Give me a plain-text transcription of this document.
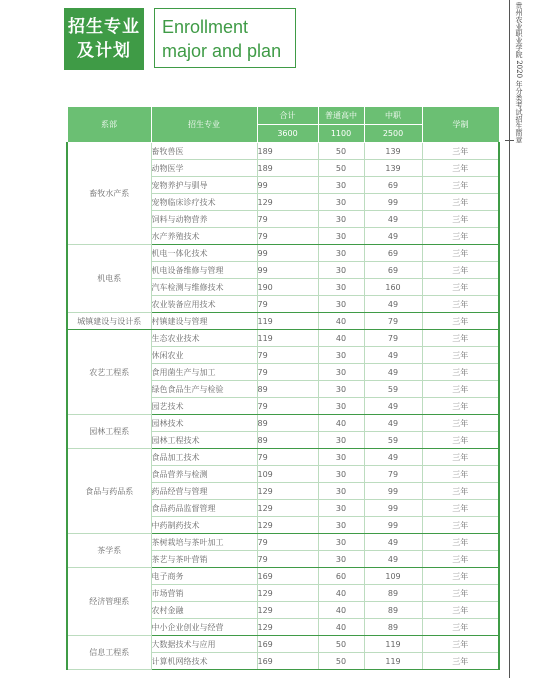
招生专业
及计划
Enrollment
major and plan	贵州农业职业学院 2020 年分类考试招生简章
系部	招生专业	合计	普通高中	中职	学制
		3600	1100	2500	
畜牧水产系	畜牧兽医	189	50	139	三年
	动物医学	189	50	139	三年
	宠物养护与驯导	99	30	69	三年
	宠物临床诊疗技术	129	30	99	三年
	饲料与动物营养	79	30	49	三年
	水产养殖技术	79	30	49	三年
机电系	机电一体化技术	99	30	69	三年
	机电设备维修与管理	99	30	69	三年
	汽车检测与维修技术	190	30	160	三年
	农业装备应用技术	79	30	49	三年
城镇建设与设计系	村镇建设与管理	119	40	79	三年
农艺工程系	生态农业技术	119	40	79	三年
	休闲农业	79	30	49	三年
	食用菌生产与加工	79	30	49	三年
	绿色食品生产与检验	89	30	59	三年
	园艺技术	79	30	49	三年
园林工程系	园林技术	89	40	49	三年
	园林工程技术	89	30	59	三年
食品与药品系	食品加工技术	79	30	49	三年
	食品营养与检测	109	30	79	三年
	药品经营与管理	129	30	99	三年
	食品药品监督管理	129	30	99	三年
	中药制药技术	129	30	99	三年
茶学系	茶树栽培与茶叶加工	79	30	49	三年
	茶艺与茶叶营销	79	30	49	三年
经济管理系	电子商务	169	60	109	三年
	市场营销	129	40	89	三年
	农村金融	129	40	89	三年
	中小企业创业与经营	129	40	89	三年
信息工程系	大数据技术与应用	169	50	119	三年
	计算机网络技术	169	50	119	三年
